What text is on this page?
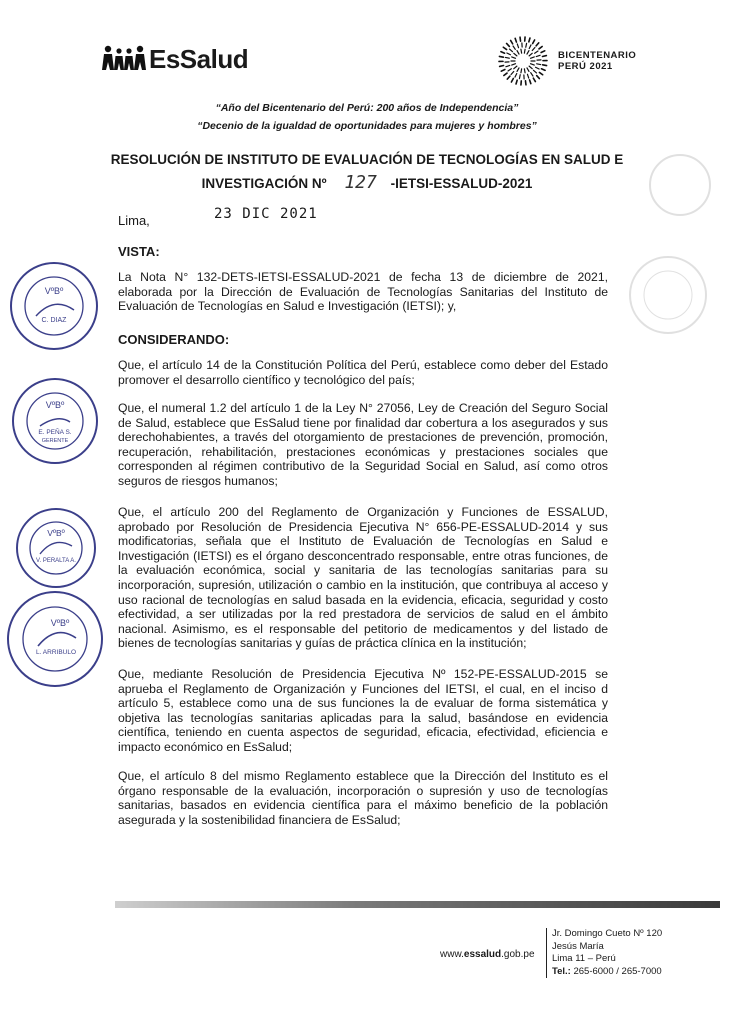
EsSalud	BICENTENARIO
PERÚ 2021
“Año del Bicentenario del Perú: 200 años de Independencia”
“Decenio de la igualdad de oportunidades para mujeres y hombres”
RESOLUCIÓN DE INSTITUTO DE EVALUACIÓN DE TECNOLOGÍAS EN SALUD E
INVESTIGACIÓN Nº 127 -IETSI-ESSALUD-2021
Lima,	23 DIC 2021
VISTA:
La Nota N° 132-DETS-IETSI-ESSALUD-2021 de fecha 13 de diciembre de 2021, elaborada por la Dirección de Evaluación de Tecnologías Sanitarias del Instituto de Evaluación de Tecnologías en Salud e Investigación (IETSI); y,
CONSIDERANDO:
Que, el artículo 14 de la Constitución Política del Perú, establece como deber del Estado promover el desarrollo científico y tecnológico del país;
Que, el numeral 1.2 del artículo 1 de la Ley N° 27056, Ley de Creación del Seguro Social de Salud, establece que EsSalud tiene por finalidad dar cobertura a los asegurados y sus derechohabientes, a través del otorgamiento de prestaciones de prevención, promoción, recuperación, rehabilitación, prestaciones económicas y prestaciones sociales que corresponden al régimen contributivo de la Seguridad Social en Salud, así como otros seguros de riesgos humanos;
Que, el artículo 200 del Reglamento de Organización y Funciones de ESSALUD, aprobado por Resolución de Presidencia Ejecutiva N° 656-PE-ESSALUD-2014 y sus modificatorias, señala que el Instituto de Evaluación de Tecnologías en Salud e Investigación (IETSI) es el órgano desconcentrado responsable, entre otras funciones, de la evaluación económica, social y sanitaria de las tecnologías sanitarias para su incorporación, supresión, utilización o cambio en la institución, que contribuya al acceso y uso racional de tecnologías en salud basada en la evidencia, eficacia, seguridad y costo efectividad, a ser utilizadas por la red prestadora de servicios de salud en el ámbito nacional. Asimismo, es el responsable del petitorio de medicamentos y del listado de bienes de tecnologías sanitarias y guías de práctica clínica en la institución;
Que, mediante Resolución de Presidencia Ejecutiva Nº 152-PE-ESSALUD-2015 se aprueba el Reglamento de Organización y Funciones del IETSI, el cual, en el inciso d artículo 5, establece como una de sus funciones la de evaluar de forma sistemática y objetiva las tecnologías sanitarias aplicadas para la salud, basándose en evidencia científica, teniendo en cuenta aspectos de seguridad, eficacia, efectividad, eficiencia e impacto económico en EsSalud;
Que, el artículo 8 del mismo Reglamento establece que la Dirección del Instituto es el órgano responsable de la evaluación, incorporación o supresión y uso de tecnologías sanitarias, basados en evidencia científica para el máximo beneficio de la población asegurada y la sostenibilidad financiera de EsSalud;
VºBº
C. DIAZ
VºBº
E. PEÑA S.
GERENTE
VºBº
V. PERALTA A.
VºBº
L. ARRIBULO
www.essalud.gob.pe
Jr. Domingo Cueto Nº 120
Jesús María
Lima 11 – Perú
Tel.: 265-6000 / 265-7000
